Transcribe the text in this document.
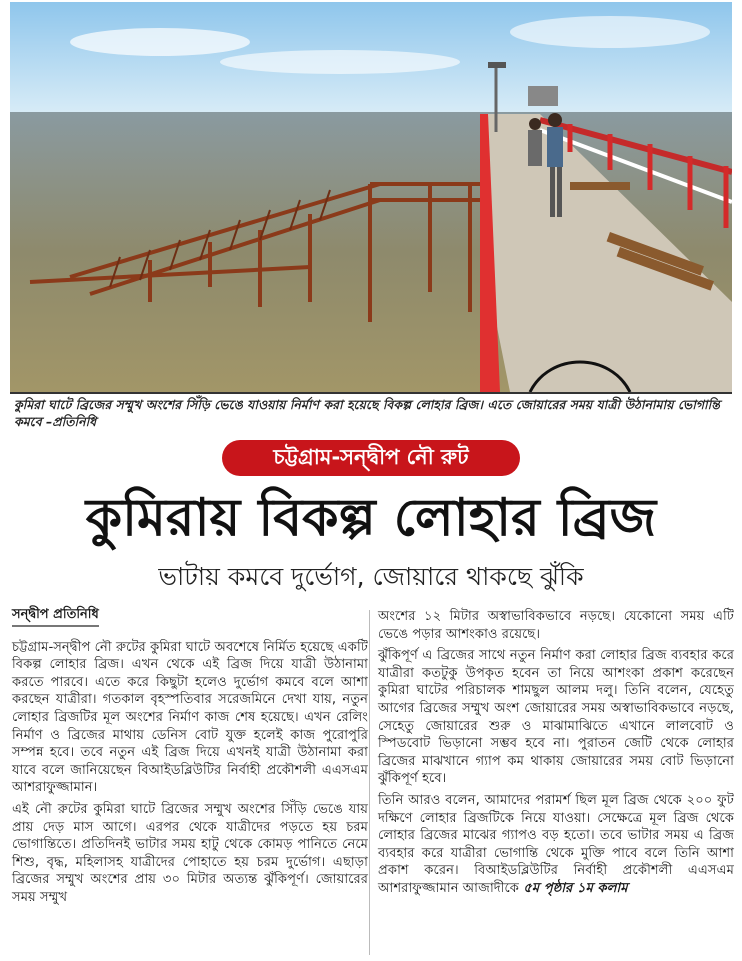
কুমিরা ঘাটে ব্রিজের সম্মুখ অংশের সিঁড়ি ভেঙে যাওয়ায় নির্মাণ করা হয়েছে বিকল্প লোহার ব্রিজ। এতে জোয়ারের সময় যাত্রী উঠানামায় ভোগান্তি কমবে –প্রতিনিধি
চট্টগ্রাম-সন্দ্বীপ নৌ রুট
কুমিরায় বিকল্প লোহার ব্রিজ
ভাটায় কমবে দুর্ভোগ, জোয়ারে থাকছে ঝুঁকি
সন্দ্বীপ প্রতিনিধি

চট্টগ্রাম-সন্দ্বীপ নৌ রুটের কুমিরা ঘাটে অবশেষে নির্মিত হয়েছে একটি বিকল্প লোহার ব্রিজ। এখন থেকে এই ব্রিজ দিয়ে যাত্রী উঠানামা করতে পারবে। এতে করে কিছুটা হলেও দুর্ভোগ কমবে বলে আশা করছেন যাত্রীরা। গতকাল বৃহস্পতিবার সরেজমিনে দেখা যায়, নতুন লোহার ব্রিজটির মূল অংশের নির্মাণ কাজ শেষ হয়েছে। এখন রেলিং নির্মাণ ও ব্রিজের মাথায় ডেনিস বোট যুক্ত হলেই কাজ পুরোপুরি সম্পন্ন হবে। তবে নতুন এই ব্রিজ দিয়ে এখনই যাত্রী উঠানামা করা যাবে বলে জানিয়েছেন বিআইডব্লিউটির নির্বাহী প্রকৌশলী এএসএম আশরাফুজ্জামান।

এই নৌ রুটের কুমিরা ঘাটে ব্রিজের সম্মুখ অংশের সিঁড়ি ভেঙে যায় প্রায় দেড় মাস আগে। এরপর থেকে যাত্রীদের পড়তে হয় চরম ভোগান্তিতে। প্রতিদিনই ভাটার সময় হাটু থেকে কোমড় পানিতে নেমে শিশু, বৃদ্ধ, মহিলাসহ যাত্রীদের পোহাতে হয় চরম দুর্ভোগ। এছাড়া ব্রিজের সম্মুখ অংশের প্রায় ৩০ মিটার অত্যন্ত ঝুঁকিপূর্ণ। জোয়ারের সময় সম্মুখ

অংশের ১২ মিটার অস্বাভাবিকভাবে নড়ছে। যেকোনো সময় এটি ভেঙে পড়ার আশংকাও রয়েছে।

ঝুঁকিপূর্ণ এ ব্রিজের সাথে নতুন নির্মাণ করা লোহার ব্রিজ ব্যবহার করে যাত্রীরা কতটুকু উপকৃত হবেন তা নিয়ে আশংকা প্রকাশ করেছেন কুমিরা ঘাটের পরিচালক শামছুল আলম দলু। তিনি বলেন, যেহেতু আগের ব্রিজের সম্মুখ অংশ জোয়ারের সময় অস্বাভাবিকভাবে নড়ছে, সেহেতু জোয়ারের শুরু ও মাঝামাঝিতে এখানে লালবোট ও স্পিডবোট ভিড়ানো সম্ভব হবে না। পুরাতন জেটি থেকে লোহার ব্রিজের মাঝখানে গ্যাপ কম থাকায় জোয়ারের সময় বোট ভিড়ানো ঝুঁকিপূর্ণ হবে।

তিনি আরও বলেন, আমাদের পরামর্শ ছিল মূল ব্রিজ থেকে ২০০ ফুট দক্ষিণে লোহার ব্রিজটিকে নিয়ে যাওয়া। সেক্ষেত্রে মূল ব্রিজ থেকে লোহার ব্রিজের মাঝের গ্যাপও বড় হতো। তবে ভাটার সময় এ ব্রিজ ব্যবহার করে যাত্রীরা ভোগান্তি থেকে মুক্তি পাবে বলে তিনি আশা প্রকাশ করেন। বিআইডব্লিউটির নির্বাহী প্রকৌশলী এএসএম আশরাফুজ্জামান আজাদীকে ৫ম পৃষ্ঠার ১ম কলাম
